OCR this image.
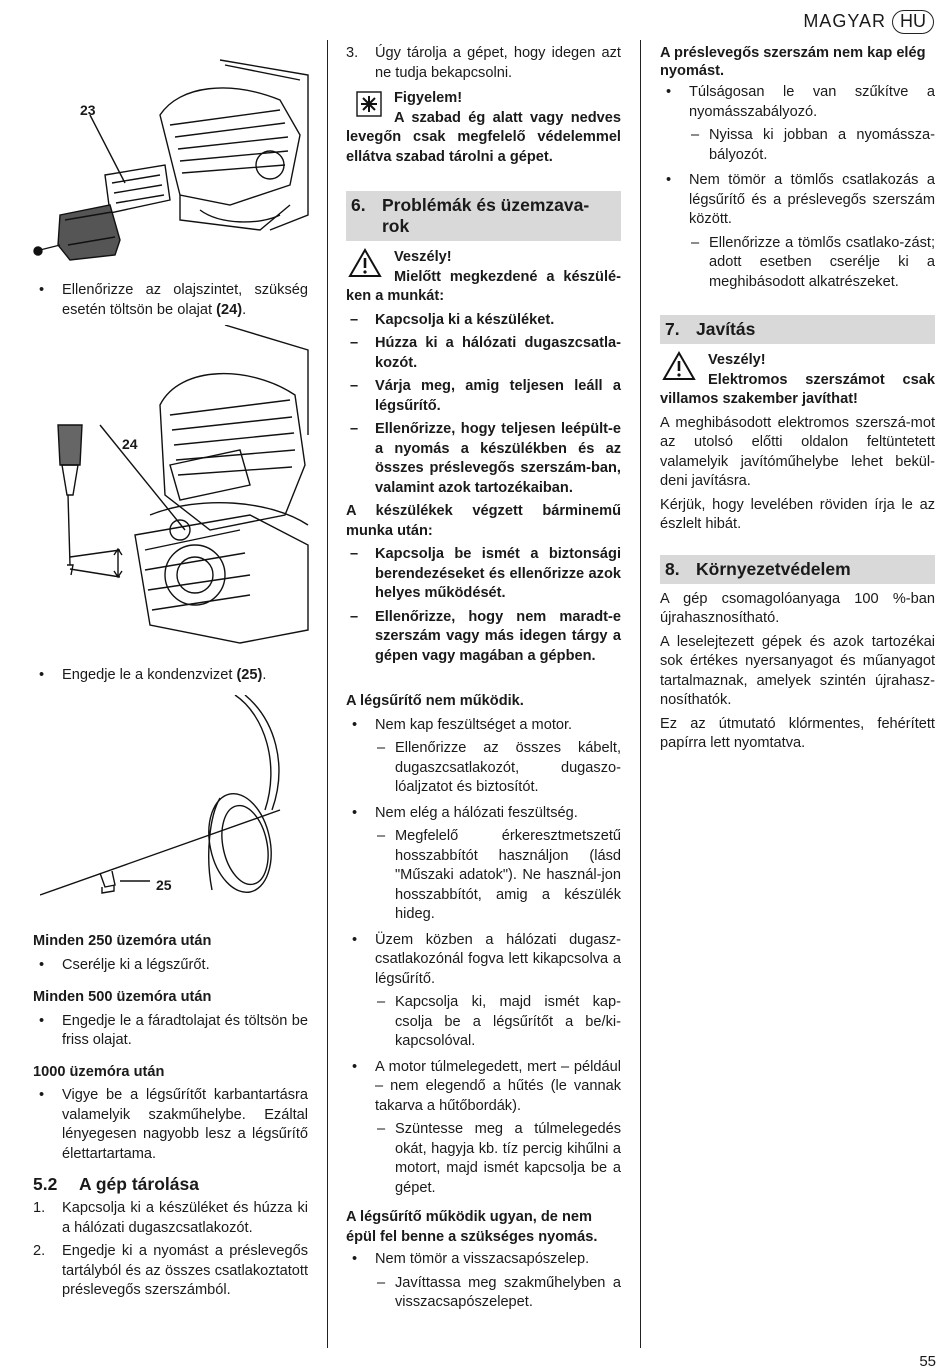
MAGYAR HU
23
• Ellenőrizze az olajszintet, szükség esetén töltsön be olajat (24).
24
• Engedje le a kondenzvizet (25).
25
Minden 250 üzemóra után
• Cserélje ki a légszűrőt.
Minden 500 üzemóra után
• Engedje le a fáradtolajat és töltsön be friss olajat.
1000 üzemóra után
• Vigye be a légsűrítőt karbantartásra valamelyik szakműhelybe. Ezáltal lényegesen nagyobb lesz a légsűrítő élettartartama.
5.2 A gép tárolása
1. Kapcsolja ki a készüléket és húzza ki a hálózati dugaszcsatlakozót.
2. Engedje ki a nyomást a préslevegős tartályból és az összes csatlakoztatott préslevegős szerszámból.
3. Úgy tárolja a gépet, hogy idegen azt ne tudja bekapcsolni.
Figyelem!

A szabad ég alatt vagy nedves levegőn csak megfelelő védelemmel ellátva szabad tárolni a gépet.

6. Problémák és üzemzava-rok
Veszély!

Mielőtt megkezdené a készülé-ken a munkát:

– Kapcsolja ki a készüléket.
– Húzza ki a hálózati dugaszcsatla-kozót.
– Várja meg, amig teljesen leáll a légsűrítő.
– Ellenőrizze, hogy teljesen leépült-e a nyomás a készülékben és az összes préslevegős szerszám-ban, valamint azok tartozékaiban.

A készülékek végzett bárminemű munka után:

– Kapcsolja be ismét a biztonsági berendezéseket és ellenőrizze azok helyes működését.
– Ellenőrizze, hogy nem maradt-e szerszám vagy más idegen tárgy a gépen vagy magában a gépben.
A légsűrítő nem működik.
• Nem kap feszültséget a motor.
– Ellenőrizze az összes kábelt, dugaszcsatlakozót, dugaszo-lóaljzatot és biztosítót.
• Nem elég a hálózati feszültség.
– Megfelelő érkeresztmetszetű hosszabbítót használjon (lásd "Műszaki adatok"). Ne használ-jon hosszabbítót, amig a készülék hideg.
• Üzem közben a hálózati dugasz-csatlakozónál fogva lett kikapcsolva a légsűrítő.
– Kapcsolja ki, majd ismét kap-csolja be a légsűrítőt a be/ki-kapcsolóval.
• A motor túlmelegedett, mert – például – nem elegendő a hűtés (le vannak takarva a hűtőbordák).
– Szüntesse meg a túlmelegedés okát, hagyja kb. tíz percig kihűlni a motort, majd ismét kapcsolja be a gépet.
A légsűrítő működik ugyan, de nem épül fel benne a szükséges nyomás.
• Nem tömör a visszacsapószelep.
– Javíttassa meg szakműhelyben a visszacsapószelepet.
A préslevegős szerszám nem kap elég nyomást.
• Túlságosan le van szűkítve a nyomásszabályozó.
– Nyissa ki jobban a nyomássza-bályozót.
• Nem tömör a tömlős csatlakozás a légsűrítő és a préslevegős szerszám között.
– Ellenőrizze a tömlős csatlako-zást; adott esetben cserélje ki a meghibásodott alkatrészeket.
7. Javítás
Veszély!

Elektromos szerszámot csak villamos szakember javíthat!

A meghibásodott elektromos szerszá-mot az utolsó előtti oldalon feltüntetett valamelyik javítóműhelybe lehet bekül-deni javításra.

Kérjük, hogy levelében röviden írja le az észlelt hibát.

8. Környezetvédelem

A gép csomagolóanyaga 100 %-ban újrahasznosítható.

A leselejtezett gépek és azok tartozékai sok értékes nyersanyagot és műanyagot tartalmaznak, amelyek szintén újrahasz-nosíthatók.

Ez az útmutató klórmentes, fehérített papírra lett nyomtatva.

55
